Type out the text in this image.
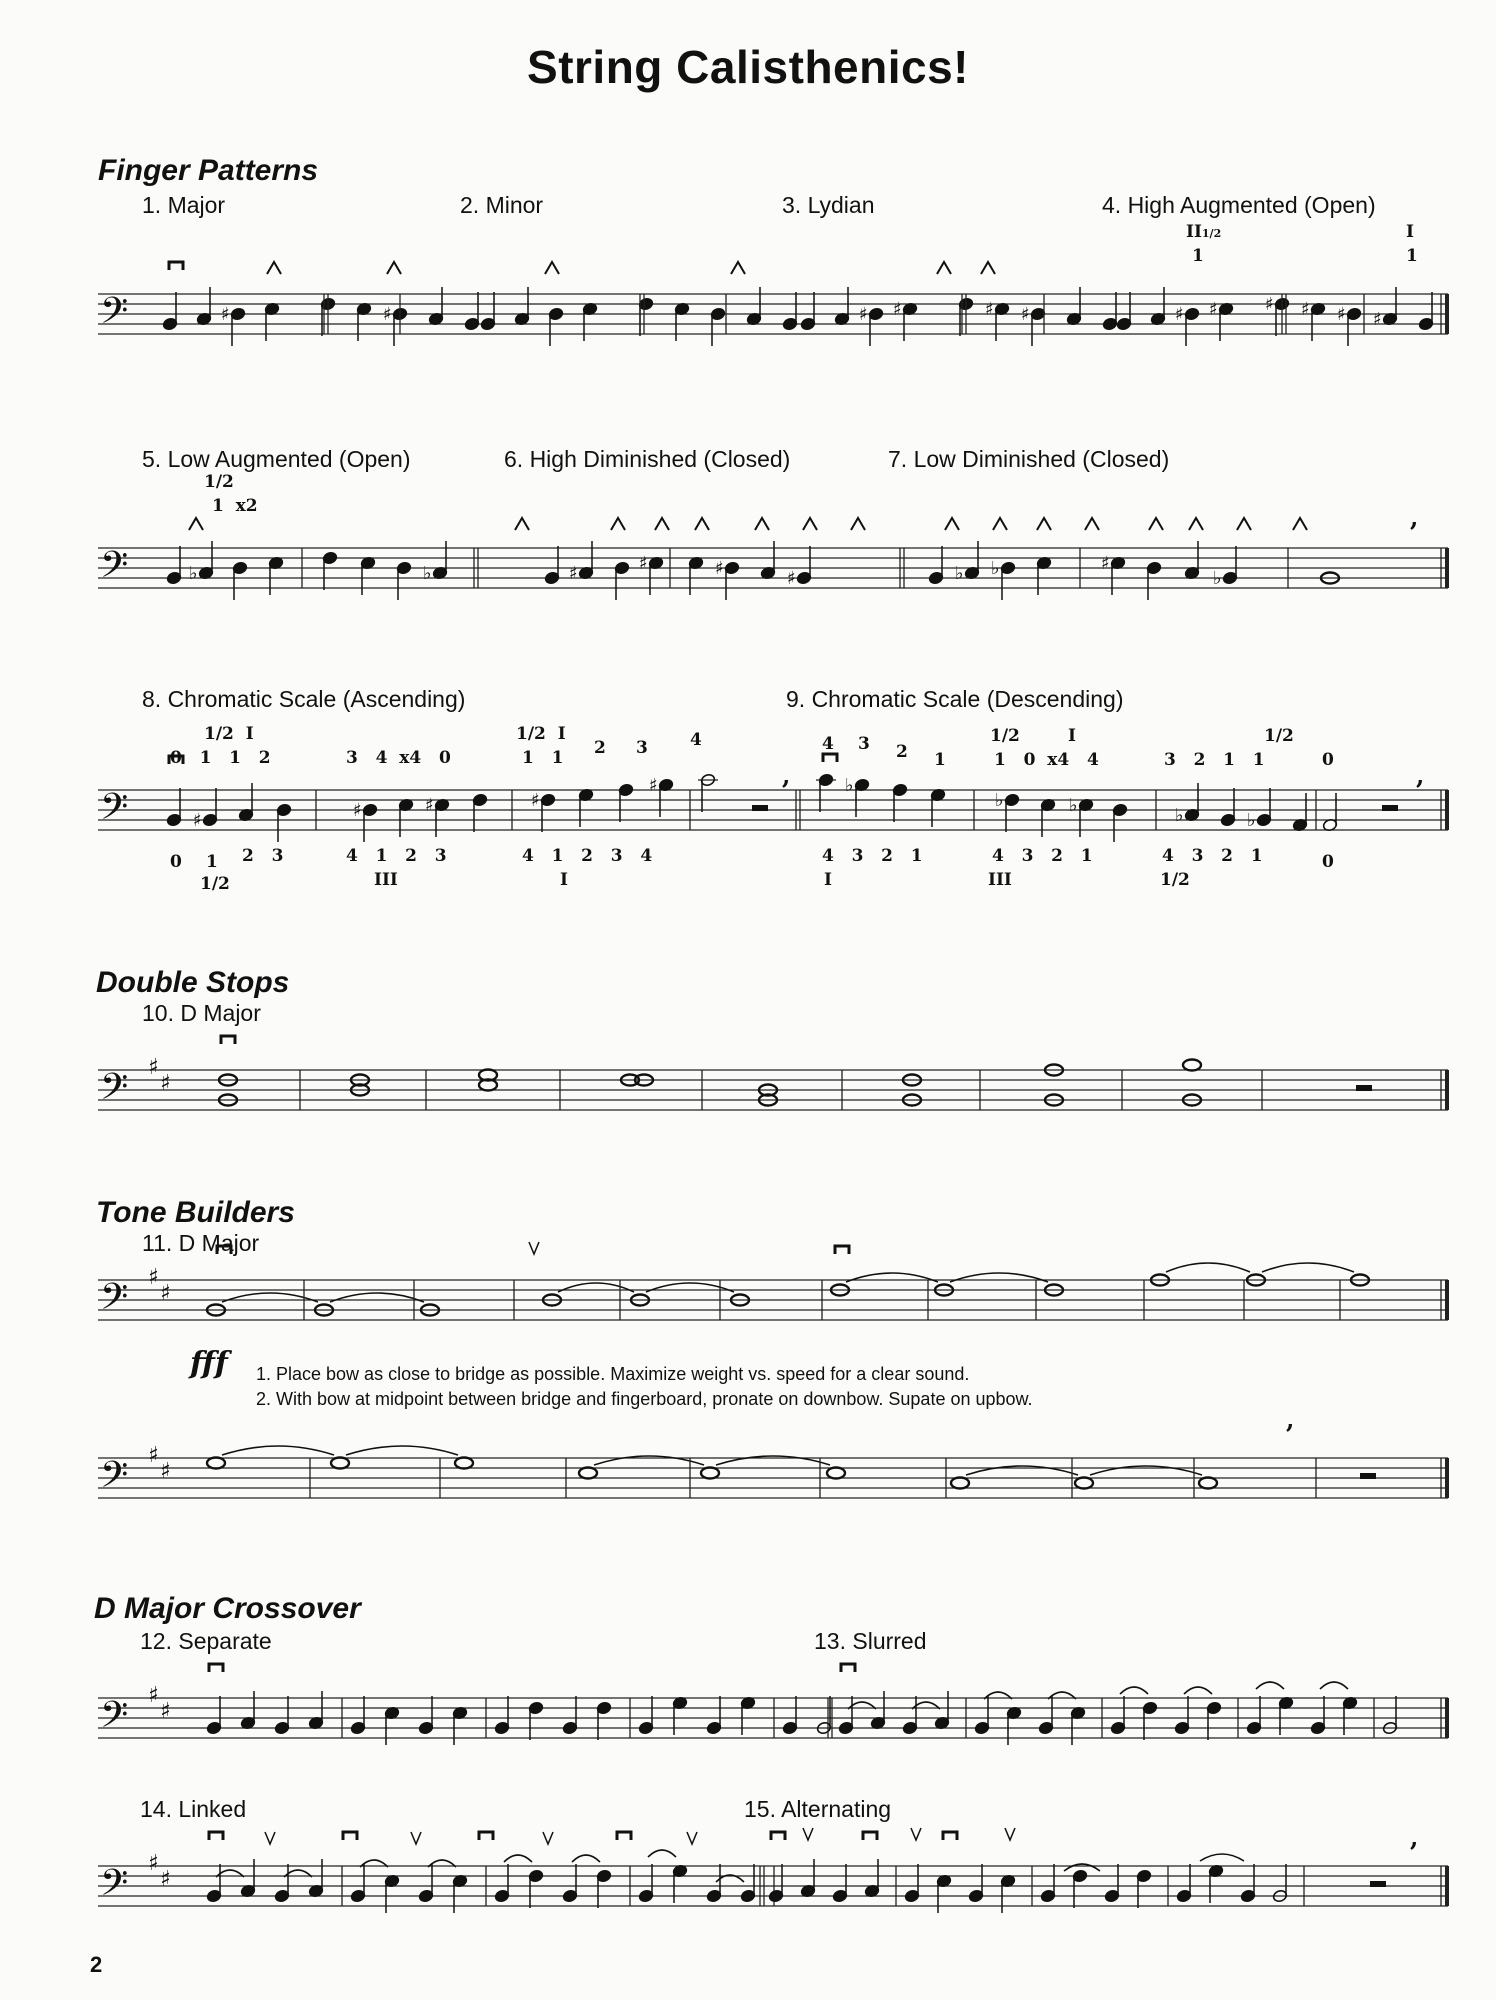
String Calisthenics!
Finger Patterns
1. Major	2. Minor	3. Lydian	4. High Augmented (Open)
II1/2
1
I
1
𝄢	♯	♯	♯ ♯	♯ ♯	♯ ♯	♯ ♯ ♯ ♯
5. Low Augmented (Open)	6. High Diminished (Closed)	7. Low Diminished (Closed)
1/2
1  x2
𝄢	♭	♭	♯	♯	♯	♯	♭ ♭	♯
♭
,
8. Chromatic Scale (Ascending)	9. Chromatic Scale (Descending)
1/2  I
0   1   1   2	3   4  x4   0
1/2  I
1   1 2 3 4	4 3 2 1
1/2	I
1   0  x4   4	3   2   1   1
1/2
0
𝄢	♯	♯	♯	♯
♯	,	♭
♭	♭	♭	♭
,
0 1
1/2
2   3	4   1   2   3
III
4   1   2   3   4
I
4   3   2   1
I
4   3   2   1
III
4   3   2   1
1/2
0
Double Stops
10. D Major
𝄢 ♯
♯
Tone Builders
11. D Major
𝄢 ♯
♯
fff 1. Place bow as close to bridge as possible. Maximize weight vs. speed for a clear sound.
2. With bow at midpoint between bridge and fingerboard, pronate on downbow. Supate on upbow.
𝄢 ♯
♯
,
D Major Crossover
12. Separate	13. Slurred
𝄢 ♯
♯
14. Linked	15. Alternating
𝄢 ♯
♯
,
2
